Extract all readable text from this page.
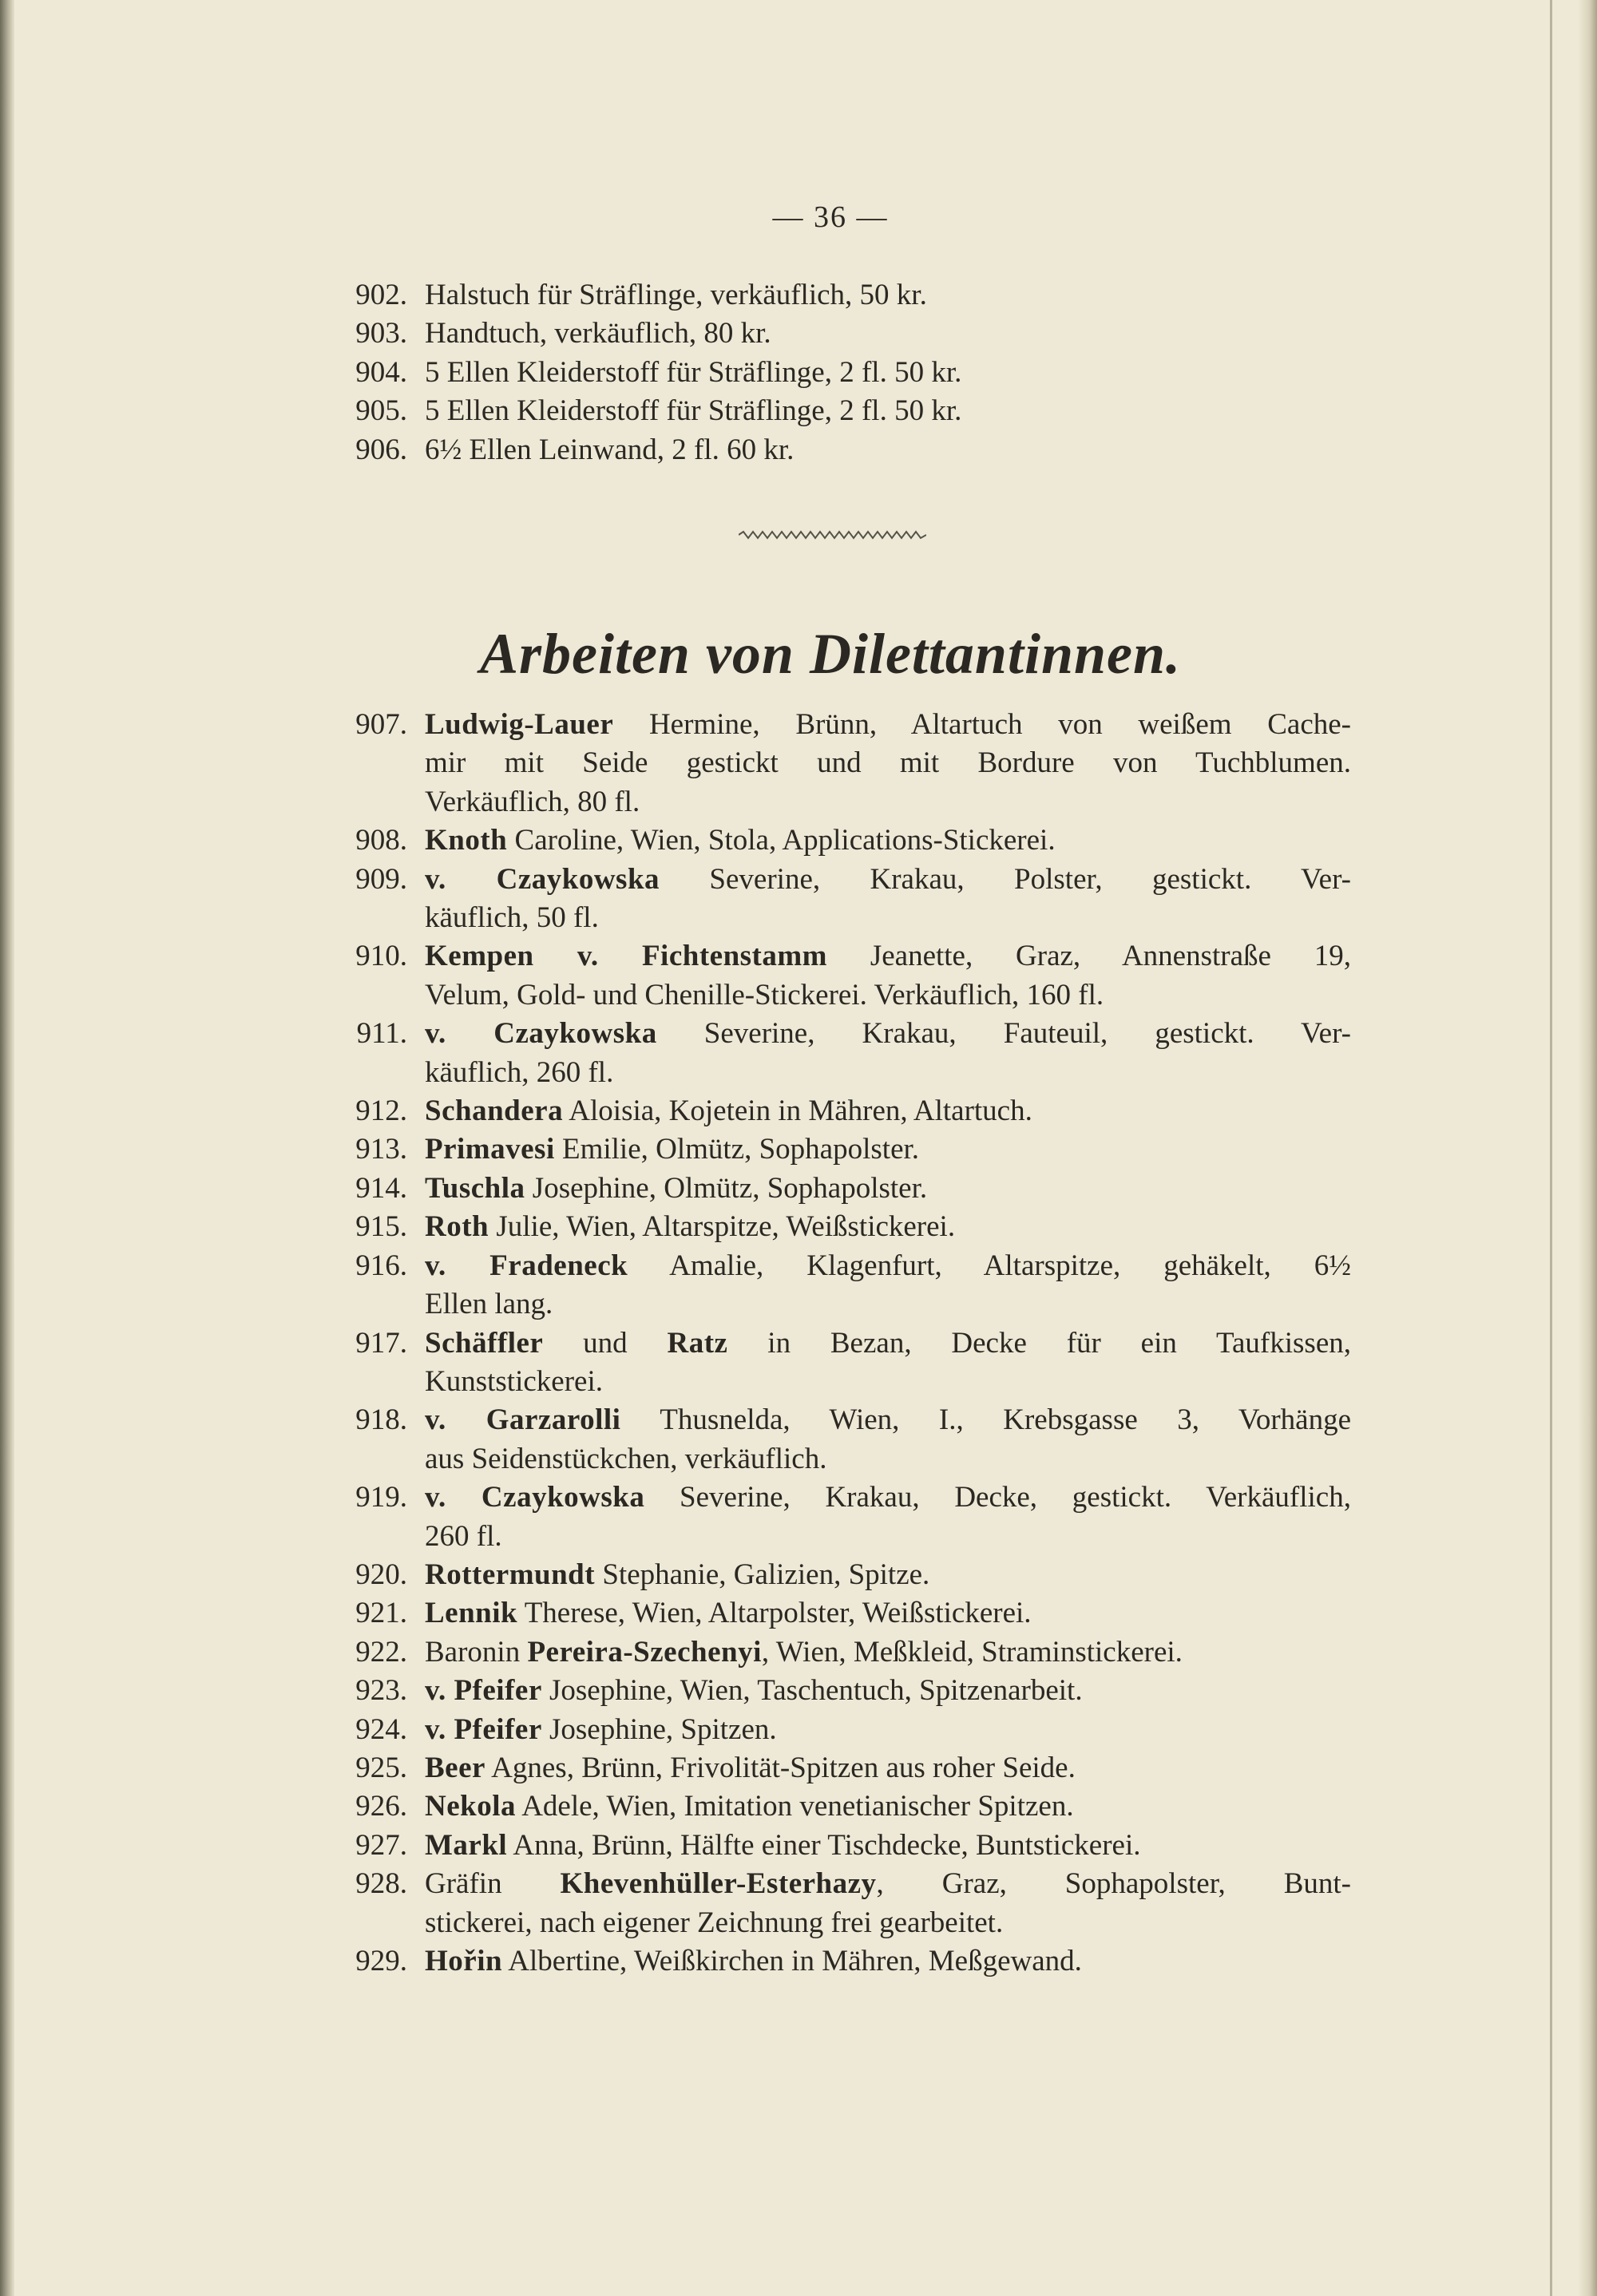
— 36 —
902. Halstuch für Sträflinge, verkäuflich, 50 kr.
903. Handtuch, verkäuflich, 80 kr.
904. 5 Ellen Kleiderstoff für Sträflinge, 2 fl. 50 kr.
905. 5 Ellen Kleiderstoff für Sträflinge, 2 fl. 50 kr.
906. 6½ Ellen Leinwand, 2 fl. 60 kr.
Arbeiten von Dilettantinnen.
907. Ludwig-Lauer Hermine, Brünn, Altartuch von weißem Cache-
mir mit Seide gestickt und mit Bordure von Tuchblumen.
Verkäuflich, 80 fl.
908. Knoth Caroline, Wien, Stola, Applications-Stickerei.
909. v. Czaykowska Severine, Krakau, Polster, gestickt. Ver-
käuflich, 50 fl.
910. Kempen v. Fichtenstamm Jeanette, Graz, Annenstraße 19,
Velum, Gold- und Chenille-Stickerei. Verkäuflich, 160 fl.
911. v. Czaykowska Severine, Krakau, Fauteuil, gestickt. Ver-
käuflich, 260 fl.
912. Schandera Aloisia, Kojetein in Mähren, Altartuch.
913. Primavesi Emilie, Olmütz, Sophapolster.
914. Tuschla Josephine, Olmütz, Sophapolster.
915. Roth Julie, Wien, Altarspitze, Weißstickerei.
916. v. Fradeneck Amalie, Klagenfurt, Altarspitze, gehäkelt, 6½
Ellen lang.
917. Schäffler und Ratz in Bezan, Decke für ein Taufkissen,
Kunststickerei.
918. v. Garzarolli Thusnelda, Wien, I., Krebsgasse 3, Vorhänge
aus Seidenstückchen, verkäuflich.
919. v. Czaykowska Severine, Krakau, Decke, gestickt. Verkäuflich,
260 fl.
920. Rottermundt Stephanie, Galizien, Spitze.
921. Lennik Therese, Wien, Altarpolster, Weißstickerei.
922. Baronin Pereira-Szechenyi, Wien, Meßkleid, Straminstickerei.
923. v. Pfeifer Josephine, Wien, Taschentuch, Spitzenarbeit.
924. v. Pfeifer Josephine, Spitzen.
925. Beer Agnes, Brünn, Frivolität-Spitzen aus roher Seide.
926. Nekola Adele, Wien, Imitation venetianischer Spitzen.
927. Markl Anna, Brünn, Hälfte einer Tischdecke, Buntstickerei.
928. Gräfin Khevenhüller-Esterhazy, Graz, Sophapolster, Bunt-
stickerei, nach eigener Zeichnung frei gearbeitet.
929. Hořin Albertine, Weißkirchen in Mähren, Meßgewand.
